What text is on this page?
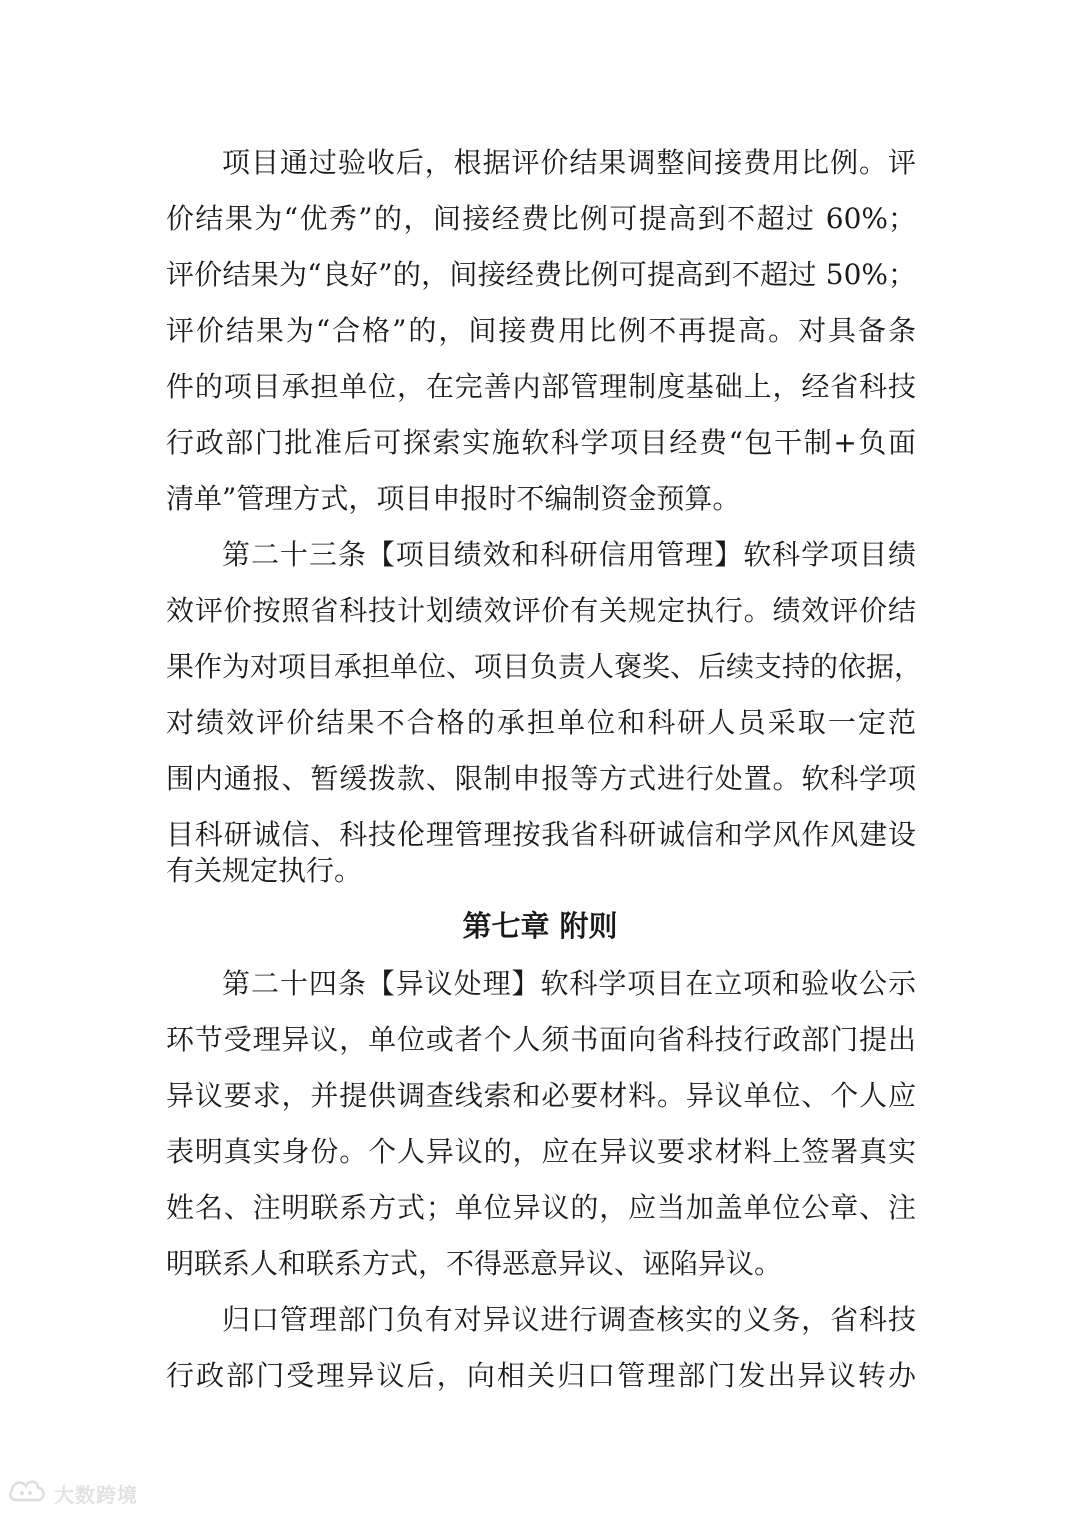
项目通过验收后，根据评价结果调整间接费用比例。评
价结果为“优秀”的，间接经费比例可提高到不超过 60%；
评价结果为“良好”的，间接经费比例可提高到不超过 50%；
评价结果为“合格”的，间接费用比例不再提高。对具备条
件的项目承担单位，在完善内部管理制度基础上，经省科技
行政部门批准后可探索实施软科学项目经费“包干制+负面
清单”管理方式，项目申报时不编制资金预算。
第二十三条【项目绩效和科研信用管理】软科学项目绩
效评价按照省科技计划绩效评价有关规定执行。绩效评价结
果作为对项目承担单位、项目负责人褒奖、后续支持的依据，
对绩效评价结果不合格的承担单位和科研人员采取一定范
围内通报、暂缓拨款、限制申报等方式进行处置。软科学项
目科研诚信、科技伦理管理按我省科研诚信和学风作风建设
有关规定执行。
第七章 附则
第二十四条【异议处理】软科学项目在立项和验收公示
环节受理异议，单位或者个人须书面向省科技行政部门提出
异议要求，并提供调查线索和必要材料。异议单位、个人应
表明真实身份。个人异议的，应在异议要求材料上签署真实
姓名、注明联系方式；单位异议的，应当加盖单位公章、注
明联系人和联系方式，不得恶意异议、诬陷异议。
归口管理部门负有对异议进行调查核实的义务，省科技
行政部门受理异议后，向相关归口管理部门发出异议转办
大数跨境
